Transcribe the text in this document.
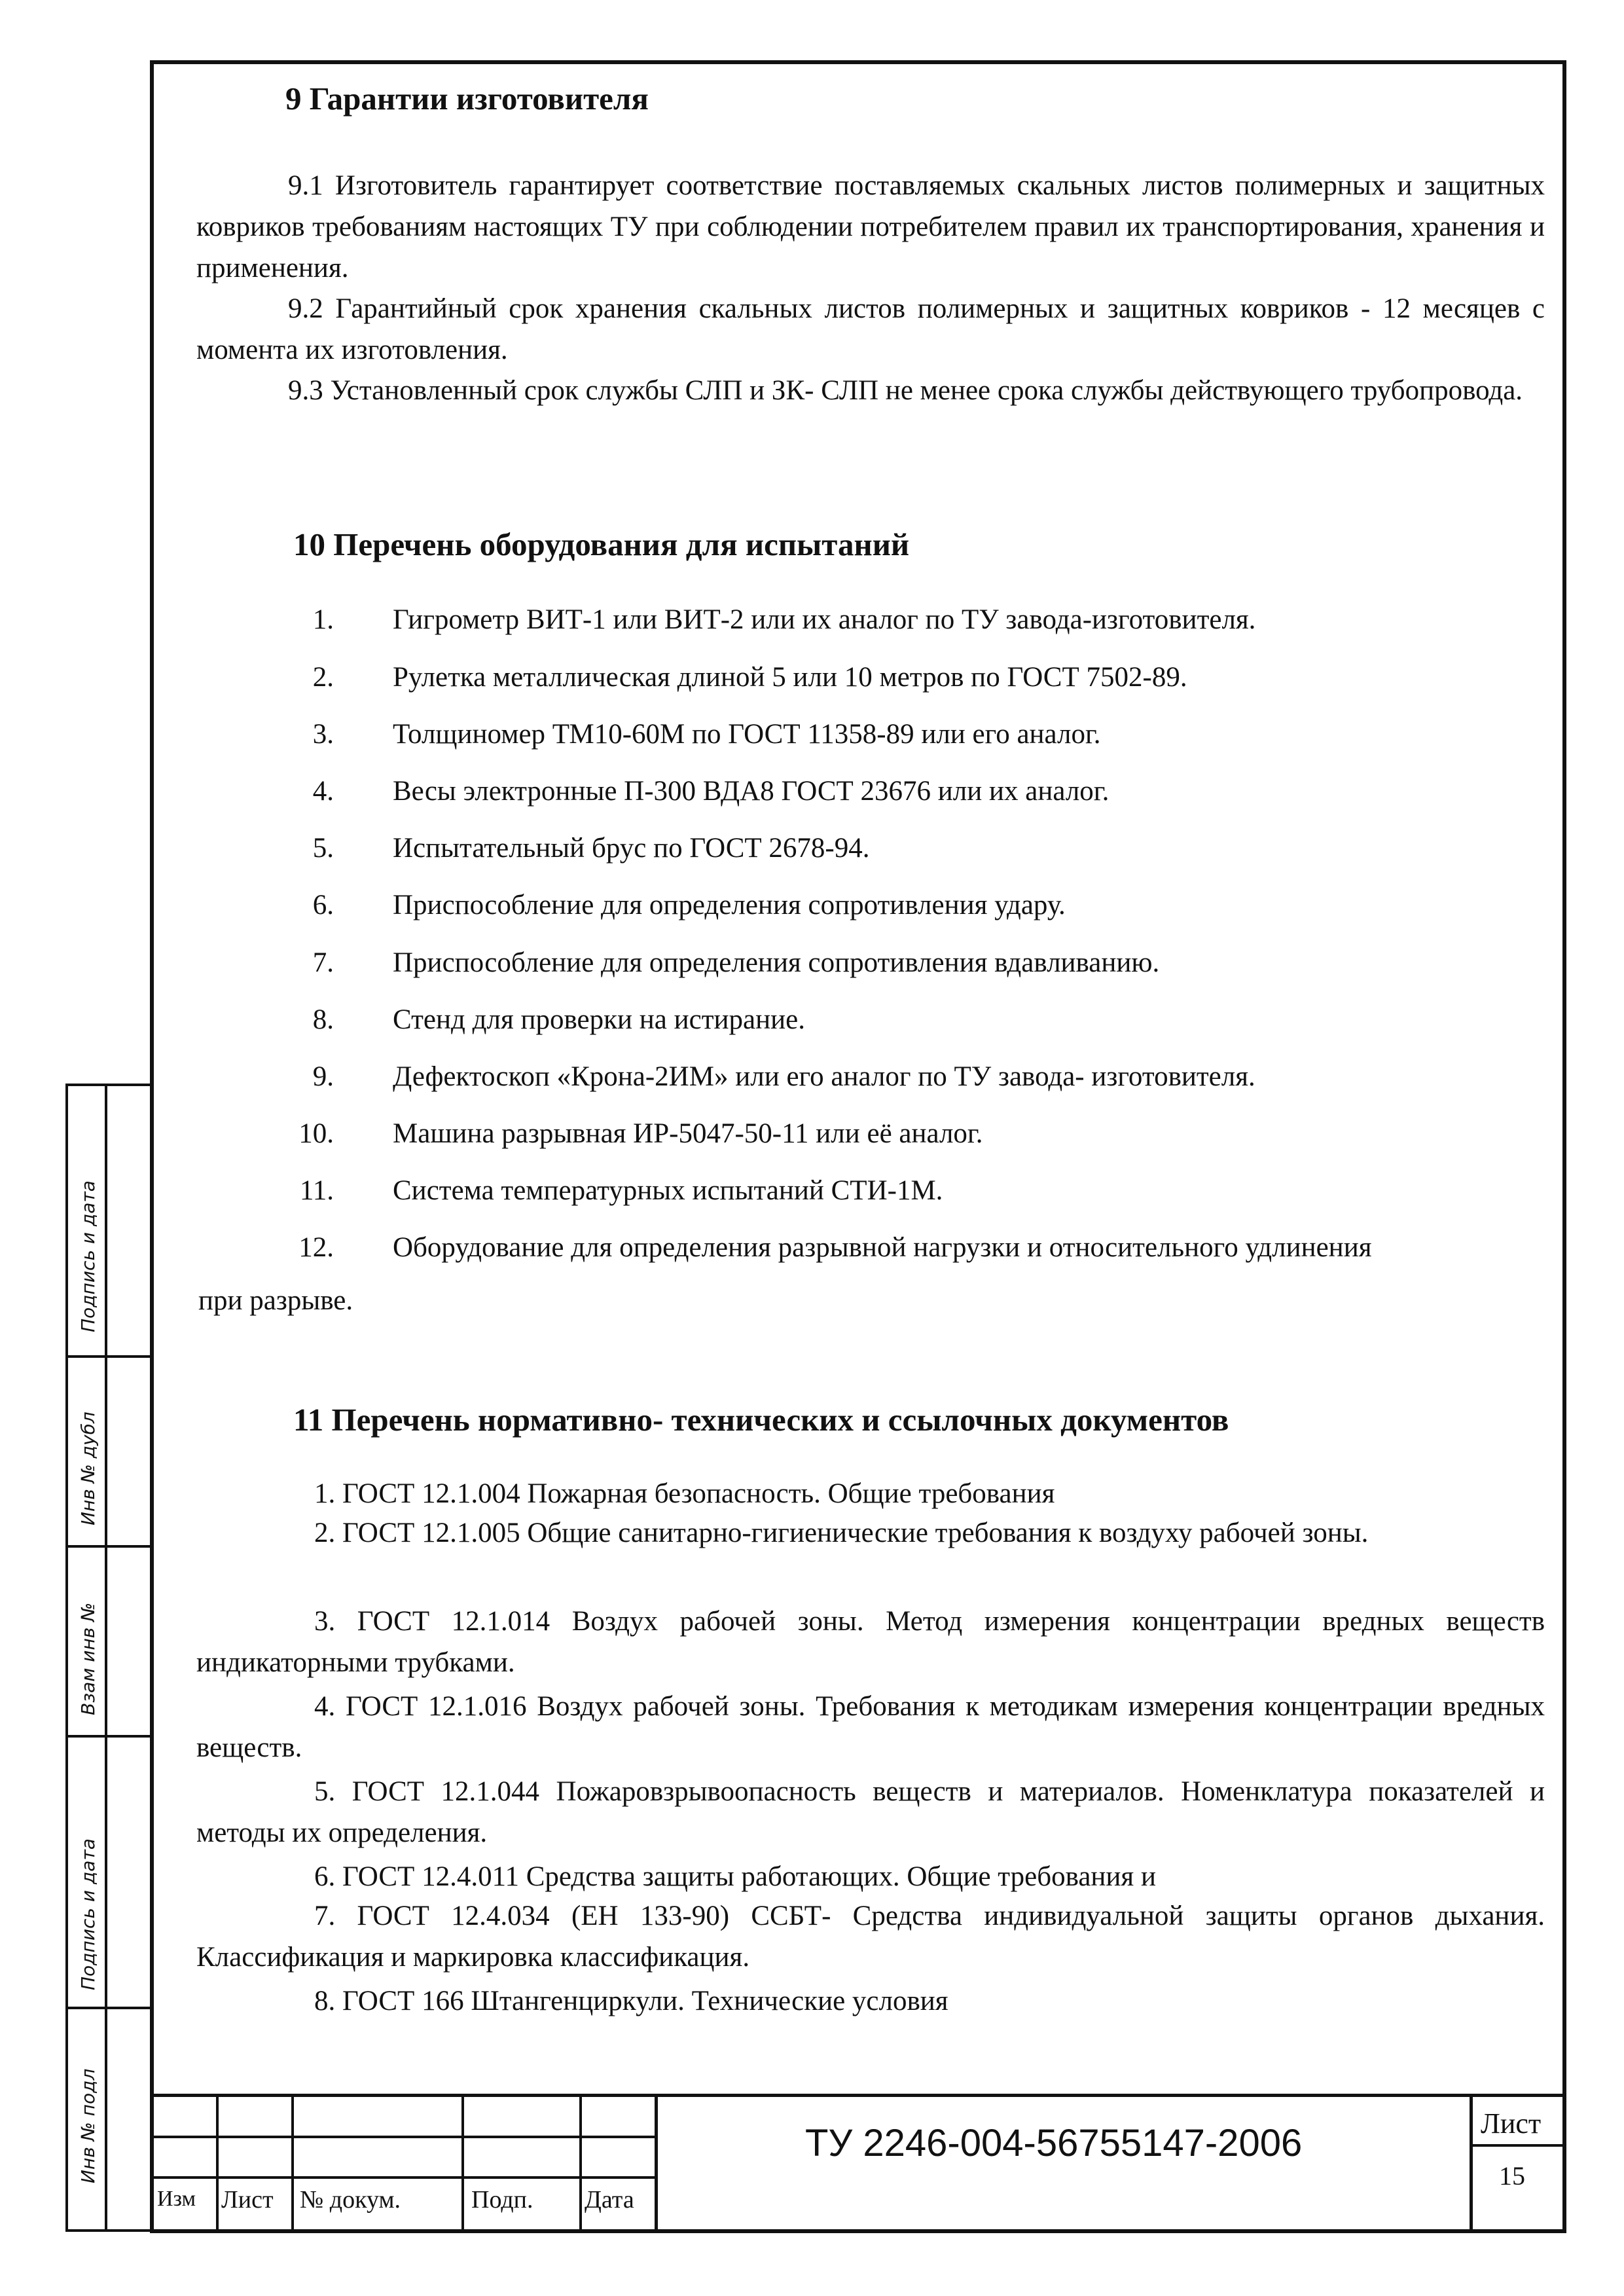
9 Гарантии изготовителя
9.1 Изготовитель гарантирует соответствие поставляемых скальных листов полимерных и защитных ковриков требованиям настоящих ТУ при соблюдении потребителем правил их транспортирования, хранения и применения.
9.2 Гарантийный срок хранения скальных листов полимерных и защитных ковриков - 12 месяцев с момента их изготовления.
9.3 Установленный срок службы СЛП и ЗК- СЛП не менее срока службы действующего трубопровода.
10 Перечень оборудования для испытаний
1. Гигрометр ВИТ-1 или ВИТ-2 или их аналог по ТУ завода-изготовителя.
2. Рулетка металлическая длиной 5 или 10 метров по ГОСТ 7502-89.
3. Толщиномер ТМ10-60М по ГОСТ 11358-89 или его аналог.
4. Весы электронные П-300 ВДА8 ГОСТ 23676 или их аналог.
5. Испытательный брус по ГОСТ 2678-94.
6. Приспособление для определения сопротивления удару.
7. Приспособление для определения сопротивления вдавливанию.
8. Стенд для проверки на истирание.
9. Дефектоскоп «Крона-2ИМ» или его аналог по ТУ завода- изготовителя.
10. Машина разрывная ИР-5047-50-11 или её аналог.
11. Система температурных испытаний СТИ-1М.
12. Оборудование для определения разрывной нагрузки и относительного удлинения
при разрыве.
11 Перечень нормативно- технических и ссылочных документов
1. ГОСТ 12.1.004 Пожарная безопасность. Общие требования
2. ГОСТ 12.1.005 Общие санитарно-гигиенические требования к воздуху рабочей зоны.
3. ГОСТ 12.1.014 Воздух рабочей зоны. Метод измерения концентрации вредных веществ индикаторными трубками.
4. ГОСТ 12.1.016 Воздух рабочей зоны. Требования к методикам измерения концентрации вредных веществ.
5. ГОСТ 12.1.044 Пожаровзрывоопасность веществ и материалов. Номенклатура показателей и методы их определения.
6. ГОСТ 12.4.011 Средства защиты работающих. Общие требования и
7. ГОСТ 12.4.034 (ЕН 133-90) ССБТ- Средства индивидуальной защиты органов дыхания. Классификация и маркировка классификация.
8. ГОСТ 166 Штангенциркули. Технические условия
Подпись и дата
Инв № дубл
Взам инв №
Подпись и дата
Инв № подл
Изм Лист № докум.	Подп. Дата
ТУ 2246-004-56755147-2006	Лист
15
